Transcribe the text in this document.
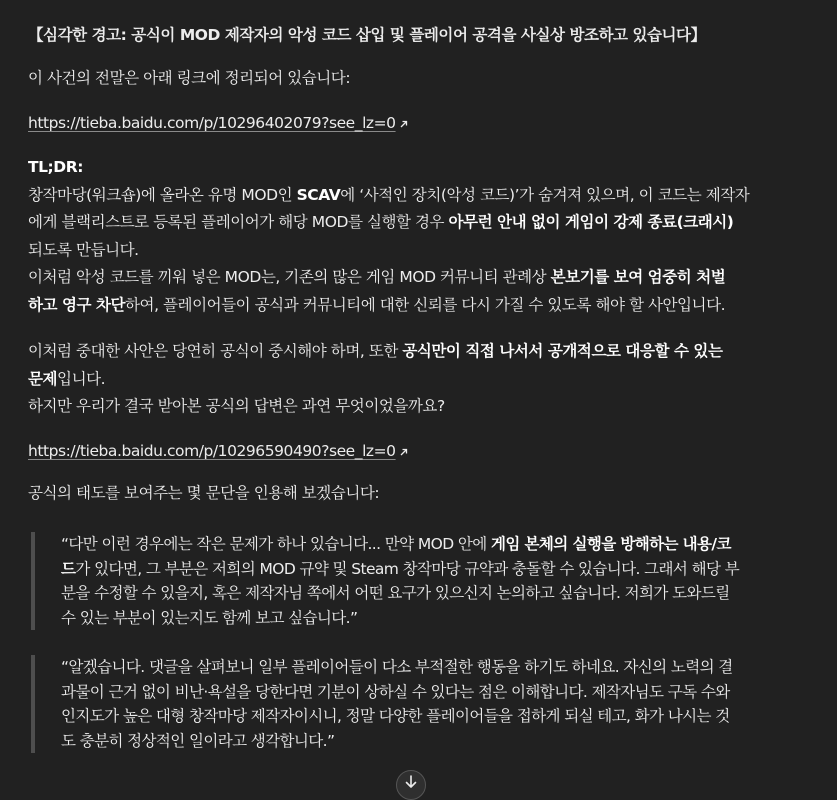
【심각한 경고: 공식이 MOD 제작자의 악성 코드 삽입 및 플레이어 공격을 사실상 방조하고 있습니다】
이 사건의 전말은 아래 링크에 정리되어 있습니다:
https://tieba.baidu.com/p/10296402079?see_lz=0
TL;DR:
창작마당(워크숍)에 올라온 유명 MOD인 SCAV에 ‘사적인 장치(악성 코드)’가 숨겨져 있으며, 이 코드는 제작자
에게 블랙리스트로 등록된 플레이어가 해당 MOD를 실행할 경우 아무런 안내 없이 게임이 강제 종료(크래시)
되도록 만듭니다.
이처럼 악성 코드를 끼워 넣은 MOD는, 기존의 많은 게임 MOD 커뮤니티 관례상 본보기를 보여 엄중히 처벌
하고 영구 차단하여, 플레이어들이 공식과 커뮤니티에 대한 신뢰를 다시 가질 수 있도록 해야 할 사안입니다.
이처럼 중대한 사안은 당연히 공식이 중시해야 하며, 또한 공식만이 직접 나서서 공개적으로 대응할 수 있는
문제입니다.
하지만 우리가 결국 받아본 공식의 답변은 과연 무엇이었을까요?
https://tieba.baidu.com/p/10296590490?see_lz=0
공식의 태도를 보여주는 몇 문단을 인용해 보겠습니다:
“다만 이런 경우에는 작은 문제가 하나 있습니다... 만약 MOD 안에 게임 본체의 실행을 방해하는 내용/코
드가 있다면, 그 부분은 저희의 MOD 규약 및 Steam 창작마당 규약과 충돌할 수 있습니다. 그래서 해당 부
분을 수정할 수 있을지, 혹은 제작자님 쪽에서 어떤 요구가 있으신지 논의하고 싶습니다. 저희가 도와드릴
수 있는 부분이 있는지도 함께 보고 싶습니다.”
“알겠습니다. 댓글을 살펴보니 일부 플레이어들이 다소 부적절한 행동을 하기도 하네요. 자신의 노력의 결
과물이 근거 없이 비난·욕설을 당한다면 기분이 상하실 수 있다는 점은 이해합니다. 제작자님도 구독 수와
인지도가 높은 대형 창작마당 제작자이시니, 정말 다양한 플레이어들을 접하게 되실 테고, 화가 나시는 것
도 충분히 정상적인 일이라고 생각합니다.”
